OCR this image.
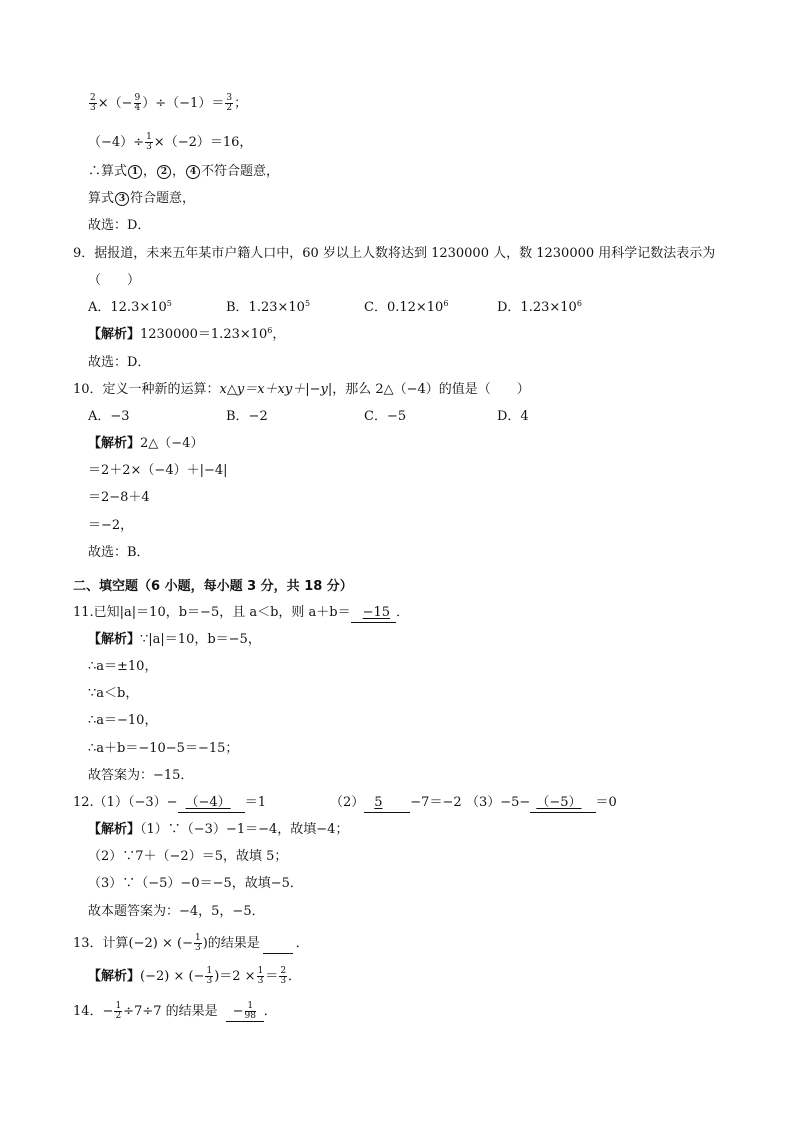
$\frac{2}{3}$ ×（− $\frac{9}{4} )\div(-1)= \frac{3}{2}$ ；
$(-4)\div \frac{1}{3} \times(-2)=16$，
∴算式 1 ， 2 ， 4 不符合题意，
算式 3 符合题意，
故选：D．
9．据报道，未来五年某市户籍人口中，60 岁以上人数将达到 1230000 人，数 1230000 用科学记数法表示为
（　　）
A．$12.3\times 10^5$	B．$1.23\times 10^5$	C．$0.12\times 10^6$	D．$1.23\times 10^6$
【解析】$1230000=1.23\times 10^6$，
故选：D．
10．定义一种新的运算：x△y＝x＋xy＋|−y|，那么 2△（−4）的值是（　　）
A．−3	B．−2	C．−5	D．4
【解析】2△（−4）
＝2＋2×（−4）＋|−4|
＝2−8＋4
＝−2，
故选：B．
二、填空题（6 小题，每小题 3 分，共 18 分）
11.已知|a|＝10，b＝−5，且 a＜b，则 a＋b＝ −15 ．
【解析】∵|a|＝10，b＝−5，
∴a＝±10，
∵a＜b，
∴a＝−10，
∴a＋b＝−10−5＝−15；
故答案为：−15．
12.（1）（−3）− （−4） ＝1	（2） 5 −7＝−2 （3）−5− （−5） ＝0
【解析】（1）∵（−3）−1＝−4，故填−4；
（2）∵7＋（−2）＝5，故填 5；
（3）∵（−5）−0＝−5，故填−5．
故本题答案为：−4，5，−5．
13．计算(−2) × (− $\frac{1}{3}$ )的结果是	．
【解析】(−2) × (− $\frac{1}{3} )=2 \times \frac{1}{3} = \frac{2}{3}$ ．
14．− $\frac{1}{2} \div 7\div 7$ 的结果是 − $\frac{1}{98}$ ．
